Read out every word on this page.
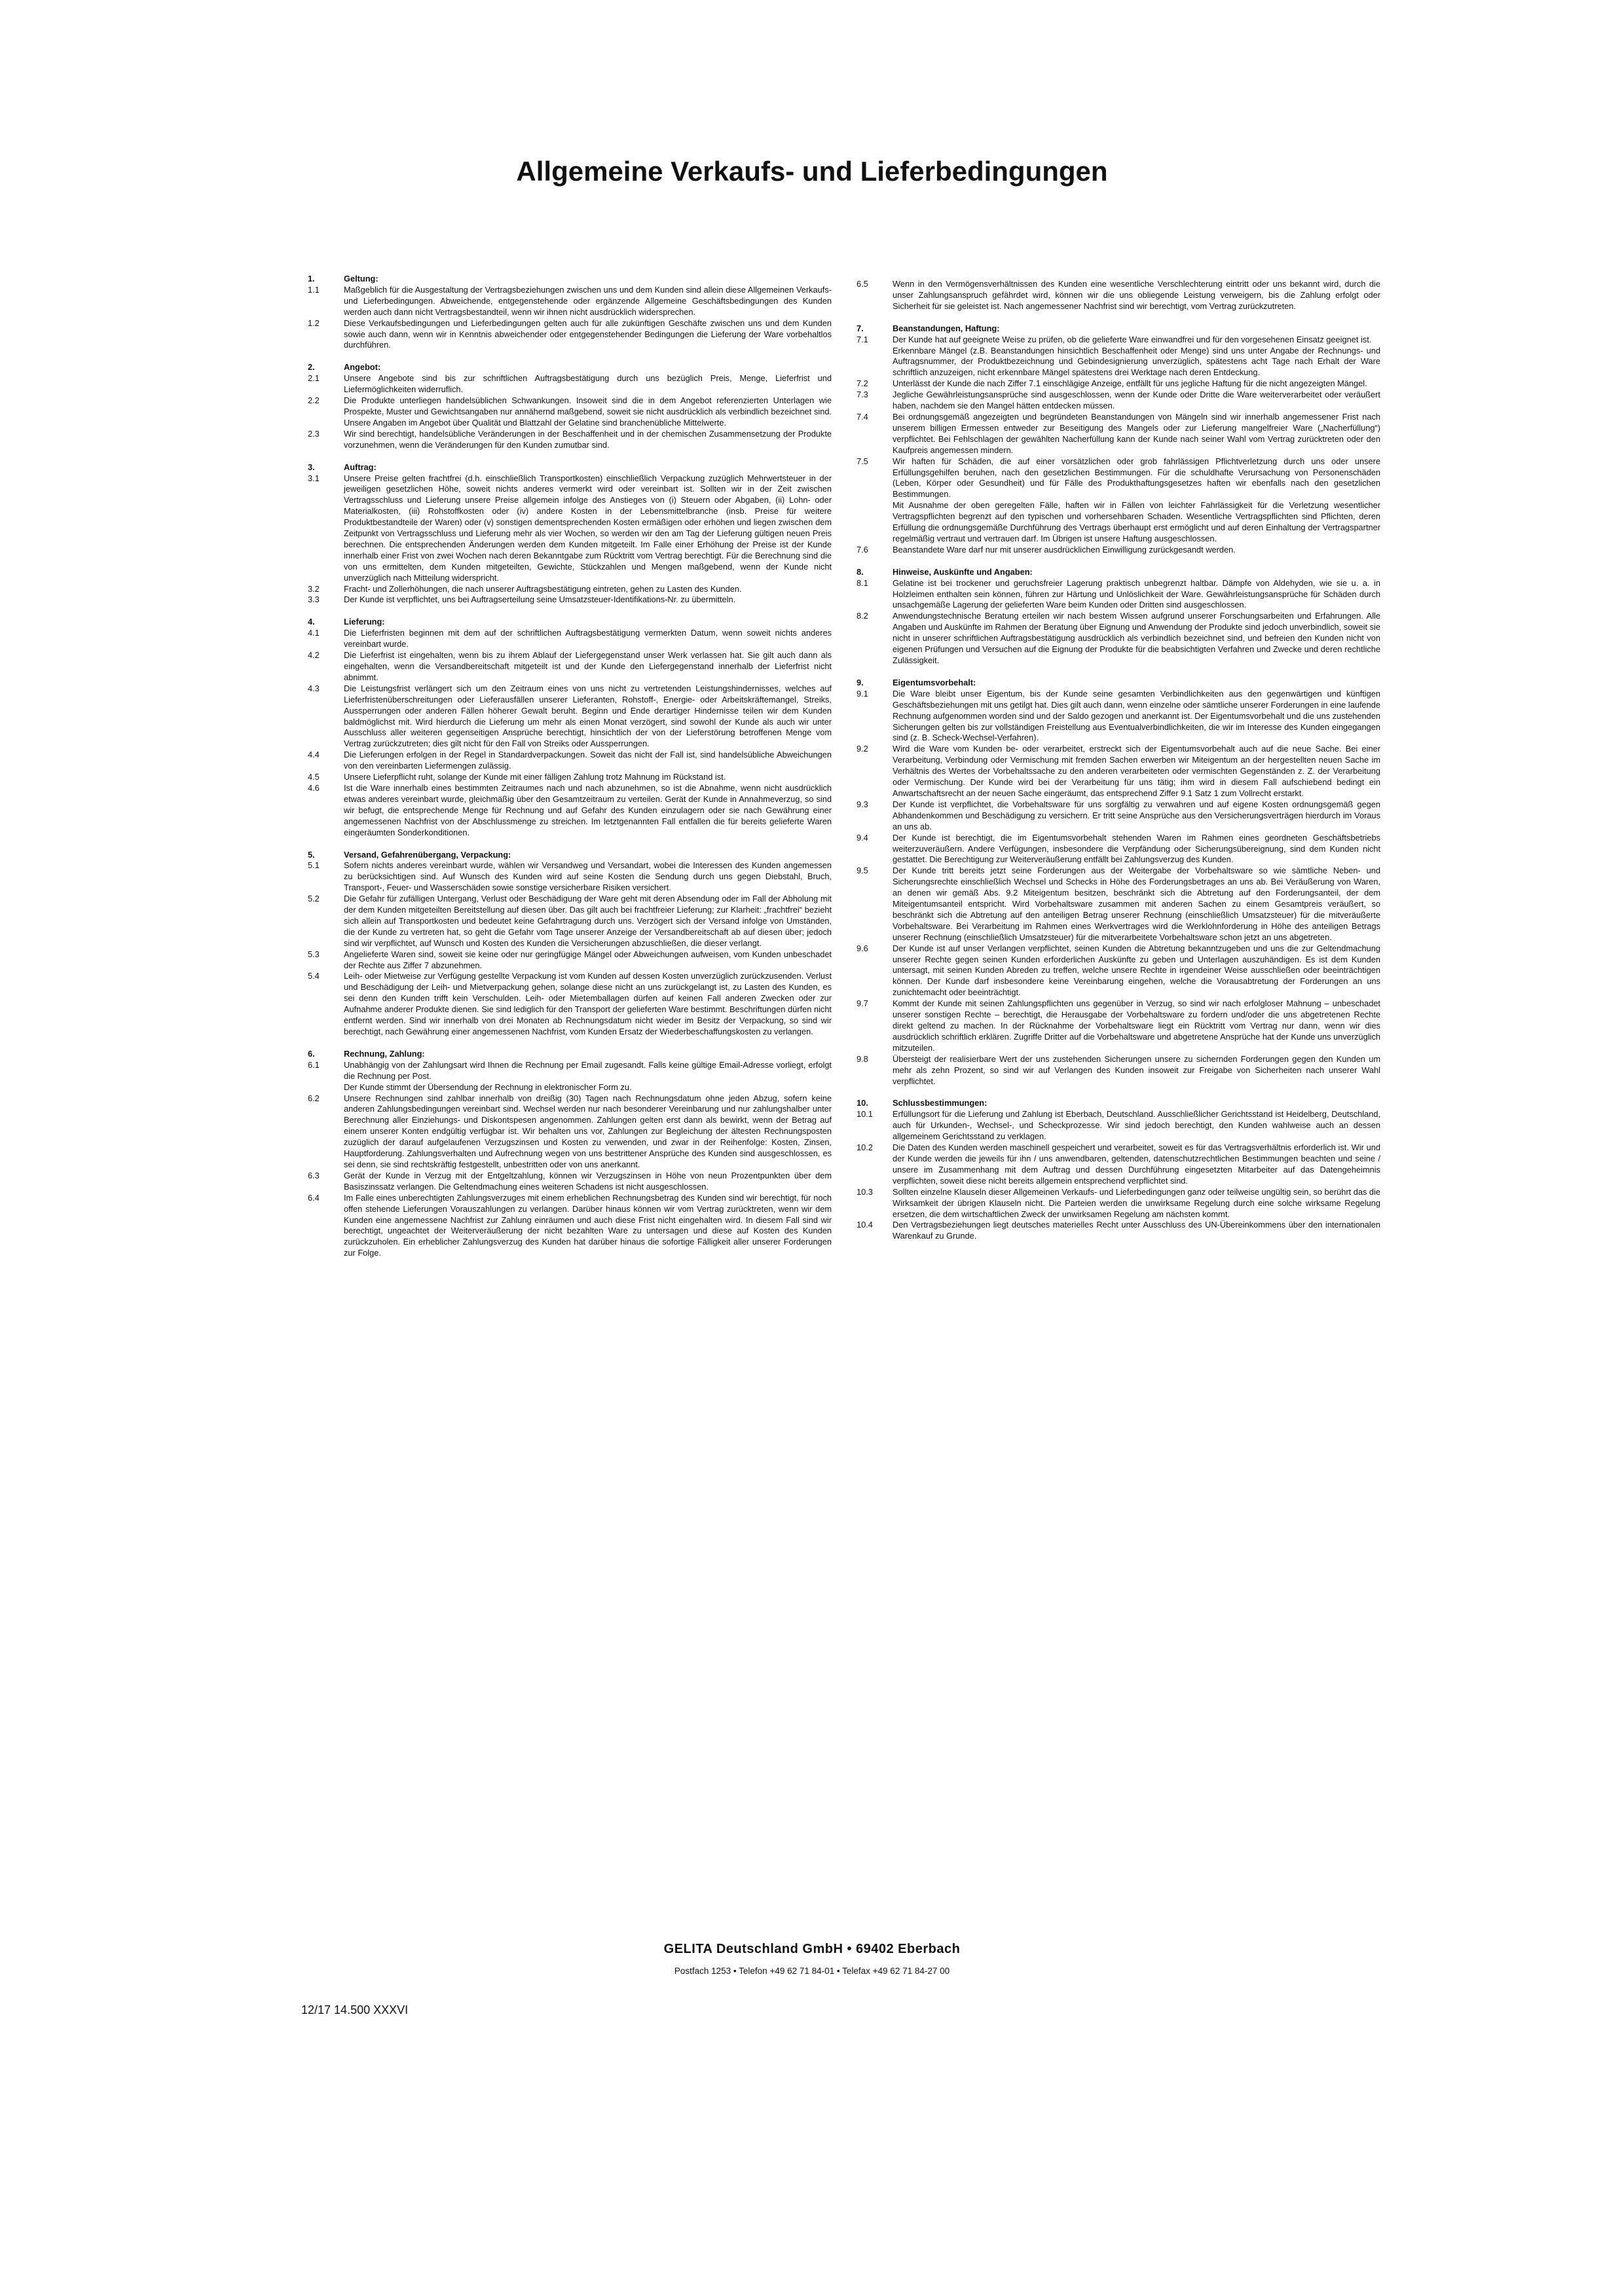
Allgemeine Verkaufs- und Lieferbedingungen
1.	Geltung:
1.1	Maßgeblich für die Ausgestaltung der Vertragsbeziehungen zwischen uns und dem Kunden sind allein diese Allgemeinen Verkaufs- und Lieferbedingungen. Abweichende, entgegenstehende oder ergänzende Allgemeine Geschäftsbedingungen des Kunden werden auch dann nicht Vertragsbestandteil, wenn wir ihnen nicht ausdrücklich widersprechen.
1.2	Diese Verkaufsbedingungen und Lieferbedingungen gelten auch für alle zukünftigen Geschäfte zwischen uns und dem Kunden sowie auch dann, wenn wir in Kenntnis abweichender oder entgegenstehender Bedingungen die Lieferung der Ware vorbehaltlos durchführen.
2.	Angebot:
2.1	Unsere Angebote sind bis zur schriftlichen Auftragsbestätigung durch uns bezüglich Preis, Menge, Lieferfrist und Liefermöglichkeiten widerruflich.
2.2	Die Produkte unterliegen handelsüblichen Schwankungen. Insoweit sind die in dem Angebot referenzierten Unterlagen wie Prospekte, Muster und Gewichtsangaben nur annähernd maßgebend, soweit sie nicht ausdrücklich als verbindlich bezeichnet sind. Unsere Angaben im Angebot über Qualität und Blattzahl der Gelatine sind branchenübliche Mittelwerte.
2.3	Wir sind berechtigt, handelsübliche Veränderungen in der Beschaffenheit und in der chemischen Zusammensetzung der Produkte vorzunehmen, wenn die Veränderungen für den Kunden zumutbar sind.
3.	Auftrag:
3.1	Unsere Preise gelten frachtfrei (d.h. einschließlich Transportkosten) einschließlich Verpackung zuzüglich Mehrwertsteuer in der jeweiligen gesetzlichen Höhe, soweit nichts anderes vermerkt wird oder vereinbart ist. Sollten wir in der Zeit zwischen Vertragsschluss und Lieferung unsere Preise allgemein infolge des Anstieges von (i) Steuern oder Abgaben, (ii) Lohn- oder Materialkosten, (iii) Rohstoffkosten oder (iv) andere Kosten in der Lebensmittelbranche (insb. Preise für weitere Produktbestandteile der Waren) oder (v) sonstigen dementsprechenden Kosten ermäßigen oder erhöhen und liegen zwischen dem Zeitpunkt von Vertragsschluss und Lieferung mehr als vier Wochen, so werden wir den am Tag der Lieferung gültigen neuen Preis berechnen. Die entsprechenden Änderungen werden dem Kunden mitgeteilt. Im Falle einer Erhöhung der Preise ist der Kunde innerhalb einer Frist von zwei Wochen nach deren Bekanntgabe zum Rücktritt vom Vertrag berechtigt. Für die Berechnung sind die von uns ermittelten, dem Kunden mitgeteilten, Gewichte, Stückzahlen und Mengen maßgebend, wenn der Kunde nicht unverzüglich nach Mitteilung widerspricht.
3.2	Fracht- und Zollerhöhungen, die nach unserer Auftragsbestätigung eintreten, gehen zu Lasten des Kunden.
3.3	Der Kunde ist verpflichtet, uns bei Auftragserteilung seine Umsatzsteuer-Identifikations-Nr. zu übermitteln.
4.	Lieferung:
4.1	Die Lieferfristen beginnen mit dem auf der schriftlichen Auftragsbestätigung vermerkten Datum, wenn soweit nichts anderes vereinbart wurde.
4.2	Die Lieferfrist ist eingehalten, wenn bis zu ihrem Ablauf der Liefergegenstand unser Werk verlassen hat. Sie gilt auch dann als eingehalten, wenn die Versandbereitschaft mitgeteilt ist und der Kunde den Liefergegenstand innerhalb der Lieferfrist nicht abnimmt.
4.3	Die Leistungsfrist verlängert sich um den Zeitraum eines von uns nicht zu vertretenden Leistungshindernisses, welches auf Lieferfristenüberschreitungen oder Lieferausfällen unserer Lieferanten, Rohstoff-, Energie- oder Arbeitskräftemangel, Streiks, Aussperrungen oder anderen Fällen höherer Gewalt beruht. Beginn und Ende derartiger Hindernisse teilen wir dem Kunden baldmöglichst mit. Wird hierdurch die Lieferung um mehr als einen Monat verzögert, sind sowohl der Kunde als auch wir unter Ausschluss aller weiteren gegenseitigen Ansprüche berechtigt, hinsichtlich der von der Lieferstörung betroffenen Menge vom Vertrag zurückzutreten; dies gilt nicht für den Fall von Streiks oder Aussperrungen.
4.4	Die Lieferungen erfolgen in der Regel in Standardverpackungen. Soweit das nicht der Fall ist, sind handelsübliche Abweichungen von den vereinbarten Liefermengen zulässig.
4.5	Unsere Lieferpflicht ruht, solange der Kunde mit einer fälligen Zahlung trotz Mahnung im Rückstand ist.
4.6	Ist die Ware innerhalb eines bestimmten Zeitraumes nach und nach abzunehmen, so ist die Abnahme, wenn nicht ausdrücklich etwas anderes vereinbart wurde, gleichmäßig über den Gesamtzeitraum zu verteilen. Gerät der Kunde in Annahmeverzug, so sind wir befugt, die entsprechende Menge für Rechnung und auf Gefahr des Kunden einzulagern oder sie nach Gewährung einer angemessenen Nachfrist von der Abschlussmenge zu streichen. Im letztgenannten Fall entfallen die für bereits gelieferte Waren eingeräumten Sonderkonditionen.
5.	Versand, Gefahrenübergang, Verpackung:
5.1	Sofern nichts anderes vereinbart wurde, wählen wir Versandweg und Versandart, wobei die Interessen des Kunden angemessen zu berücksichtigen sind. Auf Wunsch des Kunden wird auf seine Kosten die Sendung durch uns gegen Diebstahl, Bruch, Transport-, Feuer- und Wasserschäden sowie sonstige versicherbare Risiken versichert.
5.2	Die Gefahr für zufälligen Untergang, Verlust oder Beschädigung der Ware geht mit deren Absendung oder im Fall der Abholung mit der dem Kunden mitgeteilten Bereitstellung auf diesen über. Das gilt auch bei frachtfreier Lieferung; zur Klarheit: „frachtfrei“ bezieht sich allein auf Transportkosten und bedeutet keine Gefahrtragung durch uns. Verzögert sich der Versand infolge von Umständen, die der Kunde zu vertreten hat, so geht die Gefahr vom Tage unserer Anzeige der Versandbereitschaft ab auf diesen über; jedoch sind wir verpflichtet, auf Wunsch und Kosten des Kunden die Versicherungen abzuschließen, die dieser verlangt.
5.3	Angelieferte Waren sind, soweit sie keine oder nur geringfügige Mängel oder Abweichungen aufweisen, vom Kunden unbeschadet der Rechte aus Ziffer 7 abzunehmen.
5.4	Leih- oder Mietweise zur Verfügung gestellte Verpackung ist vom Kunden auf dessen Kosten unverzüglich zurückzusenden. Verlust und Beschädigung der Leih- und Mietverpackung gehen, solange diese nicht an uns zurückgelangt ist, zu Lasten des Kunden, es sei denn den Kunden trifft kein Verschulden. Leih- oder Mietemballagen dürfen auf keinen Fall anderen Zwecken oder zur Aufnahme anderer Produkte dienen. Sie sind lediglich für den Transport der gelieferten Ware bestimmt. Beschriftungen dürfen nicht entfernt werden. Sind wir innerhalb von drei Monaten ab Rechnungsdatum nicht wieder im Besitz der Verpackung, so sind wir berechtigt, nach Gewährung einer angemessenen Nachfrist, vom Kunden Ersatz der Wiederbeschaffungskosten zu verlangen.
6.	Rechnung, Zahlung:
6.1	Unabhängig von der Zahlungsart wird Ihnen die Rechnung per Email zugesandt. Falls keine gültige Email-Adresse vorliegt, erfolgt die Rechnung per Post.
Der Kunde stimmt der Übersendung der Rechnung in elektronischer Form zu.
6.2	Unsere Rechnungen sind zahlbar innerhalb von dreißig (30) Tagen nach Rechnungsdatum ohne jeden Abzug, sofern keine anderen Zahlungsbedingungen vereinbart sind. Wechsel werden nur nach besonderer Vereinbarung und nur zahlungshalber unter Berechnung aller Einziehungs- und Diskontspesen angenommen. Zahlungen gelten erst dann als bewirkt, wenn der Betrag auf einem unserer Konten endgültig verfügbar ist. Wir behalten uns vor, Zahlungen zur Begleichung der ältesten Rechnungsposten zuzüglich der darauf aufgelaufenen Verzugszinsen und Kosten zu verwenden, und zwar in der Reihenfolge: Kosten, Zinsen, Hauptforderung. Zahlungsverhalten und Aufrechnung wegen von uns bestrittener Ansprüche des Kunden sind ausgeschlossen, es sei denn, sie sind rechtskräftig festgestellt, unbestritten oder von uns anerkannt.
6.3	Gerät der Kunde in Verzug mit der Entgeltzahlung, können wir Verzugszinsen in Höhe von neun Prozentpunkten über dem Basiszinssatz verlangen. Die Geltendmachung eines weiteren Schadens ist nicht ausgeschlossen.
6.4	Im Falle eines unberechtigten Zahlungsverzuges mit einem erheblichen Rechnungsbetrag des Kunden sind wir berechtigt, für noch offen stehende Lieferungen Vorauszahlungen zu verlangen. Darüber hinaus können wir vom Vertrag zurücktreten, wenn wir dem Kunden eine angemessene Nachfrist zur Zahlung einräumen und auch diese Frist nicht eingehalten wird. In diesem Fall sind wir berechtigt, ungeachtet der Weiterveräußerung der nicht bezahlten Ware zu untersagen und diese auf Kosten des Kunden zurückzuholen. Ein erheblicher Zahlungsverzug des Kunden hat darüber hinaus die sofortige Fälligkeit aller unserer Forderungen zur Folge.
6.5	Wenn in den Vermögensverhältnissen des Kunden eine wesentliche Verschlechterung eintritt oder uns bekannt wird, durch die unser Zahlungsanspruch gefährdet wird, können wir die uns obliegende Leistung verweigern, bis die Zahlung erfolgt oder Sicherheit für sie geleistet ist. Nach angemessener Nachfrist sind wir berechtigt, vom Vertrag zurückzutreten.
7.	Beanstandungen, Haftung:
7.1	Der Kunde hat auf geeignete Weise zu prüfen, ob die gelieferte Ware einwandfrei und für den vorgesehenen Einsatz geeignet ist.
Erkennbare Mängel (z.B. Beanstandungen hinsichtlich Beschaffenheit oder Menge) sind uns unter Angabe der Rechnungs- und Auftragsnummer, der Produktbezeichnung und Gebindesignierung unverzüglich, spätestens acht Tage nach Erhalt der Ware schriftlich anzuzeigen, nicht erkennbare Mängel spätestens drei Werktage nach deren Entdeckung.
7.2	Unterlässt der Kunde die nach Ziffer 7.1 einschlägige Anzeige, entfällt für uns jegliche Haftung für die nicht angezeigten Mängel.
7.3	Jegliche Gewährleistungsansprüche sind ausgeschlossen, wenn der Kunde oder Dritte die Ware weiterverarbeitet oder veräußert haben, nachdem sie den Mangel hätten entdecken müssen.
7.4	Bei ordnungsgemäß angezeigten und begründeten Beanstandungen von Mängeln sind wir innerhalb angemessener Frist nach unserem billigen Ermessen entweder zur Beseitigung des Mangels oder zur Lieferung mangelfreier Ware („Nacherfüllung“) verpflichtet. Bei Fehlschlagen der gewählten Nacherfüllung kann der Kunde nach seiner Wahl vom Vertrag zurücktreten oder den Kaufpreis angemessen mindern.
7.5	Wir haften für Schäden, die auf einer vorsätzlichen oder grob fahrlässigen Pflichtverletzung durch uns oder unsere Erfüllungsgehilfen beruhen, nach den gesetzlichen Bestimmungen. Für die schuldhafte Verursachung von Personenschäden (Leben, Körper oder Gesundheit) und für Fälle des Produkthaftungsgesetzes haften wir ebenfalls nach den gesetzlichen Bestimmungen.
Mit Ausnahme der oben geregelten Fälle, haften wir in Fällen von leichter Fahrlässigkeit für die Verletzung wesentlicher Vertragspflichten begrenzt auf den typischen und vorhersehbaren Schaden. Wesentliche Vertragspflichten sind Pflichten, deren Erfüllung die ordnungsgemäße Durchführung des Vertrags überhaupt erst ermöglicht und auf deren Einhaltung der Vertragspartner regelmäßig vertraut und vertrauen darf. Im Übrigen ist unsere Haftung ausgeschlossen.
7.6	Beanstandete Ware darf nur mit unserer ausdrücklichen Einwilligung zurückgesandt werden.
8.	Hinweise, Auskünfte und Angaben:
8.1	Gelatine ist bei trockener und geruchsfreier Lagerung praktisch unbegrenzt haltbar. Dämpfe von Aldehyden, wie sie u. a. in Holzleimen enthalten sein können, führen zur Härtung und Unlöslichkeit der Ware. Gewährleistungsansprüche für Schäden durch unsachgemäße Lagerung der gelieferten Ware beim Kunden oder Dritten sind ausgeschlossen.
8.2	Anwendungstechnische Beratung erteilen wir nach bestem Wissen aufgrund unserer Forschungsarbeiten und Erfahrungen. Alle Angaben und Auskünfte im Rahmen der Beratung über Eignung und Anwendung der Produkte sind jedoch unverbindlich, soweit sie nicht in unserer schriftlichen Auftragsbestätigung ausdrücklich als verbindlich bezeichnet sind, und befreien den Kunden nicht von eigenen Prüfungen und Versuchen auf die Eignung der Produkte für die beabsichtigten Verfahren und Zwecke und deren rechtliche Zulässigkeit.
9.	Eigentumsvorbehalt:
9.1	Die Ware bleibt unser Eigentum, bis der Kunde seine gesamten Verbindlichkeiten aus den gegenwärtigen und künftigen Geschäftsbeziehungen mit uns getilgt hat. Dies gilt auch dann, wenn einzelne oder sämtliche unserer Forderungen in eine laufende Rechnung aufgenommen worden sind und der Saldo gezogen und anerkannt ist. Der Eigentumsvorbehalt und die uns zustehenden Sicherungen gelten bis zur vollständigen Freistellung aus Eventualverbindlichkeiten, die wir im Interesse des Kunden eingegangen sind (z. B. Scheck-Wechsel-Verfahren).
9.2	Wird die Ware vom Kunden be- oder verarbeitet, erstreckt sich der Eigentumsvorbehalt auch auf die neue Sache. Bei einer Verarbeitung, Verbindung oder Vermischung mit fremden Sachen erwerben wir Miteigentum an der hergestellten neuen Sache im Verhältnis des Wertes der Vorbehaltssache zu den anderen verarbeiteten oder vermischten Gegenständen z. Z. der Verarbeitung oder Vermischung. Der Kunde wird bei der Verarbeitung für uns tätig; ihm wird in diesem Fall aufschiebend bedingt ein Anwartschaftsrecht an der neuen Sache eingeräumt, das entsprechend Ziffer 9.1 Satz 1 zum Vollrecht erstarkt.
9.3	Der Kunde ist verpflichtet, die Vorbehaltsware für uns sorgfältig zu verwahren und auf eigene Kosten ordnungsgemäß gegen Abhandenkommen und Beschädigung zu versichern. Er tritt seine Ansprüche aus den Versicherungsverträgen hierdurch im Voraus an uns ab.
9.4	Der Kunde ist berechtigt, die im Eigentumsvorbehalt stehenden Waren im Rahmen eines geordneten Geschäftsbetriebs weiterzuveräußern. Andere Verfügungen, insbesondere die Verpfändung oder Sicherungsübereignung, sind dem Kunden nicht gestattet. Die Berechtigung zur Weiterveräußerung entfällt bei Zahlungsverzug des Kunden.
9.5	Der Kunde tritt bereits jetzt seine Forderungen aus der Weitergabe der Vorbehaltsware so wie sämtliche Neben- und Sicherungsrechte einschließlich Wechsel und Schecks in Höhe des Forderungsbetrages an uns ab. Bei Veräußerung von Waren, an denen wir gemäß Abs. 9.2 Miteigentum besitzen, beschränkt sich die Abtretung auf den Forderungsanteil, der dem Miteigentumsanteil entspricht. Wird Vorbehaltsware zusammen mit anderen Sachen zu einem Gesamtpreis veräußert, so beschränkt sich die Abtretung auf den anteiligen Betrag unserer Rechnung (einschließlich Umsatzsteuer) für die mitveräußerte Vorbehaltsware. Bei Verarbeitung im Rahmen eines Werkvertrages wird die Werklohnforderung in Höhe des anteiligen Betrags unserer Rechnung (einschließlich Umsatzsteuer) für die mitverarbeitete Vorbehaltsware schon jetzt an uns abgetreten.
9.6	Der Kunde ist auf unser Verlangen verpflichtet, seinen Kunden die Abtretung bekanntzugeben und uns die zur Geltendmachung unserer Rechte gegen seinen Kunden erforderlichen Auskünfte zu geben und Unterlagen auszuhändigen. Es ist dem Kunden untersagt, mit seinen Kunden Abreden zu treffen, welche unsere Rechte in irgendeiner Weise ausschließen oder beeinträchtigen können. Der Kunde darf insbesondere keine Vereinbarung eingehen, welche die Vorausabtretung der Forderungen an uns zunichtemacht oder beeinträchtigt.
9.7	Kommt der Kunde mit seinen Zahlungspflichten uns gegenüber in Verzug, so sind wir nach erfolgloser Mahnung – unbeschadet unserer sonstigen Rechte – berechtigt, die Herausgabe der Vorbehaltsware zu fordern und/oder die uns abgetretenen Rechte direkt geltend zu machen. In der Rücknahme der Vorbehaltsware liegt ein Rücktritt vom Vertrag nur dann, wenn wir dies ausdrücklich schriftlich erklären. Zugriffe Dritter auf die Vorbehaltsware und abgetretene Ansprüche hat der Kunde uns unverzüglich mitzuteilen.
9.8	Übersteigt der realisierbare Wert der uns zustehenden Sicherungen unsere zu sichernden Forderungen gegen den Kunden um mehr als zehn Prozent, so sind wir auf Verlangen des Kunden insoweit zur Freigabe von Sicherheiten nach unserer Wahl verpflichtet.
10.	Schlussbestimmungen:
10.1	Erfüllungsort für die Lieferung und Zahlung ist Eberbach, Deutschland. Ausschließlicher Gerichtsstand ist Heidelberg, Deutschland, auch für Urkunden-, Wechsel-, und Scheckprozesse. Wir sind jedoch berechtigt, den Kunden wahlweise auch an dessen allgemeinem Gerichtsstand zu verklagen.
10.2	Die Daten des Kunden werden maschinell gespeichert und verarbeitet, soweit es für das Vertragsverhältnis erforderlich ist. Wir und der Kunde werden die jeweils für ihn / uns anwendbaren, geltenden, datenschutzrechtlichen Bestimmungen beachten und seine / unsere im Zusammenhang mit dem Auftrag und dessen Durchführung eingesetzten Mitarbeiter auf das Datengeheimnis verpflichten, soweit diese nicht bereits allgemein entsprechend verpflichtet sind.
10.3	Sollten einzelne Klauseln dieser Allgemeinen Verkaufs- und Lieferbedingungen ganz oder teilweise ungültig sein, so berührt das die Wirksamkeit der übrigen Klauseln nicht. Die Parteien werden die unwirksame Regelung durch eine solche wirksame Regelung ersetzen, die dem wirtschaftlichen Zweck der unwirksamen Regelung am nächsten kommt.
10.4	Den Vertragsbeziehungen liegt deutsches materielles Recht unter Ausschluss des UN-Übereinkommens über den internationalen Warenkauf zu Grunde.
GELITA Deutschland GmbH • 69402 Eberbach
Postfach 1253 • Telefon +49 62 71 84-01 • Telefax +49 62 71 84-27 00
12/17 14.500 XXXVI
